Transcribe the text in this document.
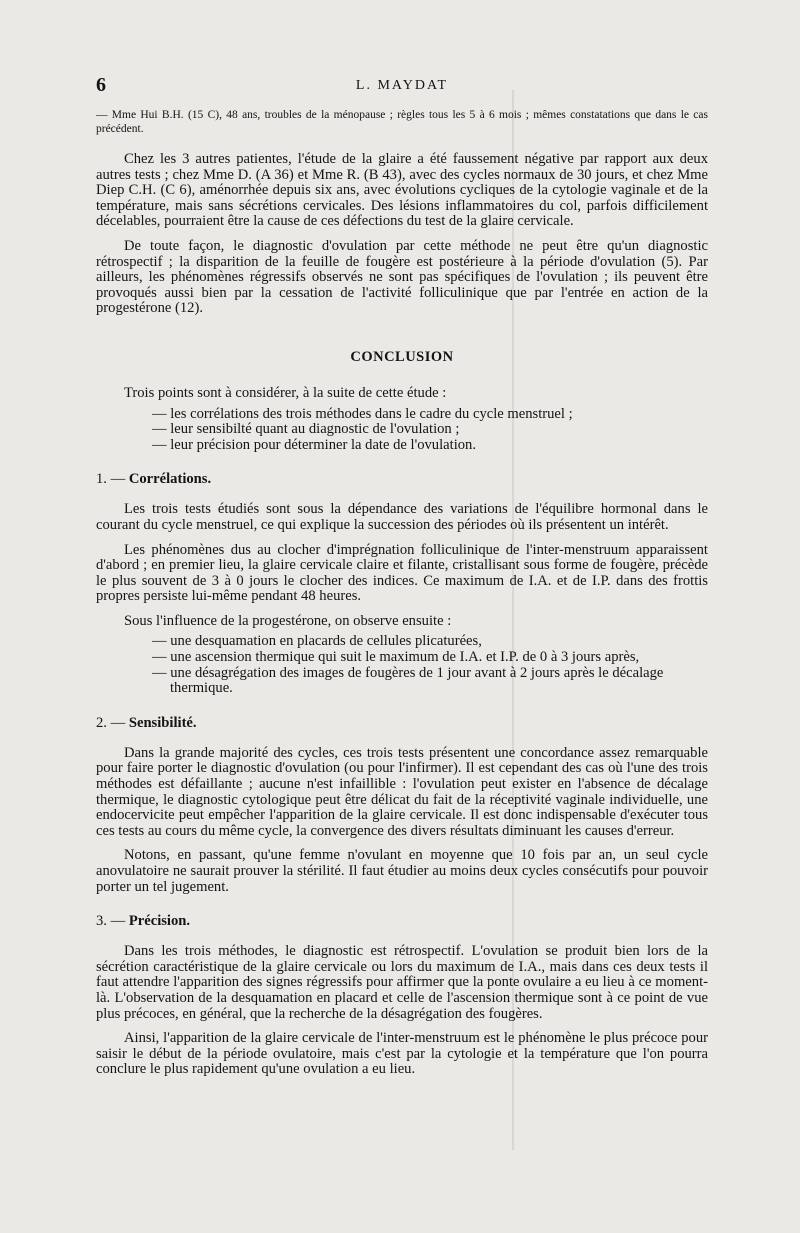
6	L. MAYDAT
— Mme Hui B.H. (15 C), 48 ans, troubles de la ménopause ; règles tous les 5 à 6 mois ; mêmes constatations que dans le cas précédent.

Chez les 3 autres patientes, l'étude de la glaire a été faussement négative par rapport aux deux autres tests ; chez Mme D. (A 36) et Mme R. (B 43), avec des cycles normaux de 30 jours, et chez Mme Diep C.H. (C 6), aménorrhée depuis six ans, avec évolutions cycliques de la cytologie vaginale et de la température, mais sans sécrétions cervicales. Des lésions inflammatoires du col, parfois difficilement décelables, pourraient être la cause de ces défections du test de la glaire cervicale.

De toute façon, le diagnostic d'ovulation par cette méthode ne peut être qu'un diagnostic rétrospectif ; la disparition de la feuille de fougère est postérieure à la période d'ovulation (5). Par ailleurs, les phénomènes régressifs observés ne sont pas spécifiques de l'ovulation ; ils peuvent être provoqués aussi bien par la cessation de l'activité folliculinique que par l'entrée en action de la progestérone (12).

CONCLUSION

Trois points sont à considérer, à la suite de cette étude :

— les corrélations des trois méthodes dans le cadre du cycle menstruel ;
— leur sensibilté quant au diagnostic de l'ovulation ;
— leur précision pour déterminer la date de l'ovulation.
1. — Corrélations.

Les trois tests étudiés sont sous la dépendance des variations de l'équilibre hormonal dans le courant du cycle menstruel, ce qui explique la succession des périodes où ils présentent un intérêt.

Les phénomènes dus au clocher d'imprégnation folliculinique de l'inter-menstruum apparaissent d'abord ; en premier lieu, la glaire cervicale claire et filante, cristallisant sous forme de fougère, précède le plus souvent de 3 à 0 jours le clocher des indices. Ce maximum de I.A. et de I.P. dans des frottis propres persiste lui-même pendant 48 heures.

Sous l'influence de la progestérone, on observe ensuite :

— une desquamation en placards de cellules plicaturées,
— une ascension thermique qui suit le maximum de I.A. et I.P. de 0 à 3 jours après,
— une désagrégation des images de fougères de 1 jour avant à 2 jours après le décalage thermique.
2. — Sensibilité.

Dans la grande majorité des cycles, ces trois tests présentent une concordance assez remarquable pour faire porter le diagnostic d'ovulation (ou pour l'infirmer). Il est cependant des cas où l'une des trois méthodes est défaillante ; aucune n'est infaillible : l'ovulation peut exister en l'absence de décalage thermique, le diagnostic cytologique peut être délicat du fait de la réceptivité vaginale individuelle, une endocervicite peut empêcher l'apparition de la glaire cervicale. Il est donc indispensable d'exécuter tous ces tests au cours du même cycle, la convergence des divers résultats diminuant les causes d'erreur.

Notons, en passant, qu'une femme n'ovulant en moyenne que 10 fois par an, un seul cycle anovulatoire ne saurait prouver la stérilité. Il faut étudier au moins deux cycles consécutifs pour pouvoir porter un tel jugement.

3. — Précision.

Dans les trois méthodes, le diagnostic est rétrospectif. L'ovulation se produit bien lors de la sécrétion caractéristique de la glaire cervicale ou lors du maximum de I.A., mais dans ces deux tests il faut attendre l'apparition des signes régressifs pour affirmer que la ponte ovulaire a eu lieu à ce moment-là. L'observation de la desquamation en placard et celle de l'ascension thermique sont à ce point de vue plus précoces, en général, que la recherche de la désagrégation des fougères.

Ainsi, l'apparition de la glaire cervicale de l'inter-menstruum est le phénomène le plus précoce pour saisir le début de la période ovulatoire, mais c'est par la cytologie et la température que l'on pourra conclure le plus rapidement qu'une ovulation a eu lieu.
